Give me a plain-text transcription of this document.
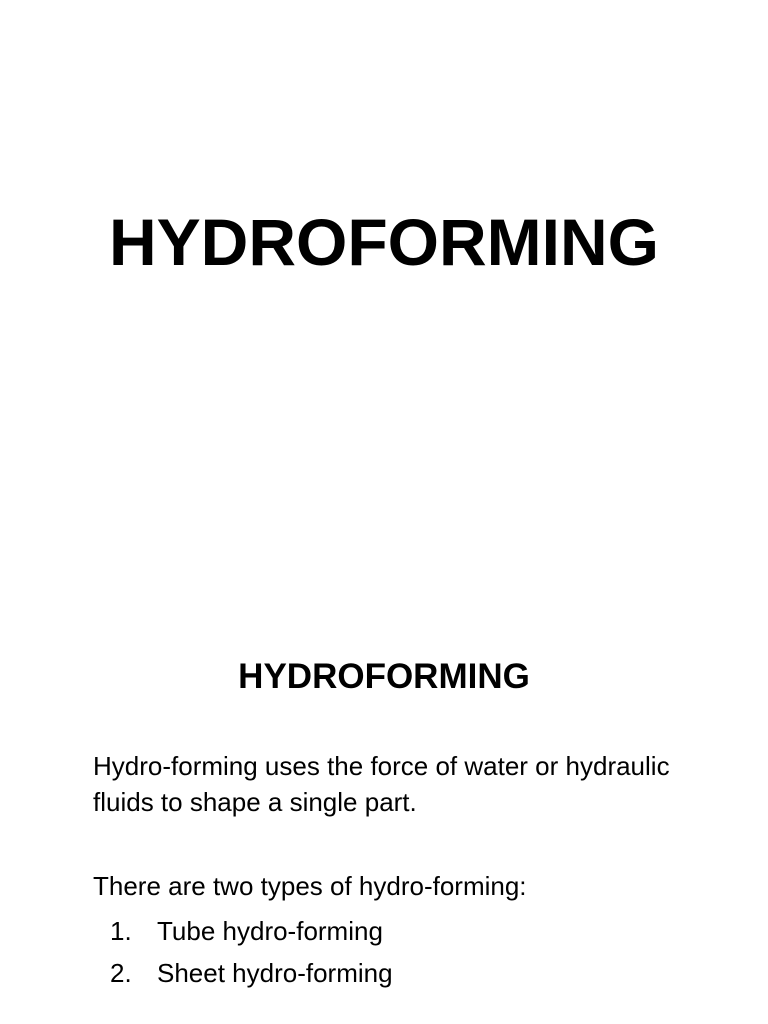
HYDROFORMING
HYDROFORMING
Hydro-forming uses the force of water or hydraulic fluids to shape a single part.
There are two types of hydro-forming:
1. Tube hydro-forming
2. Sheet hydro-forming
